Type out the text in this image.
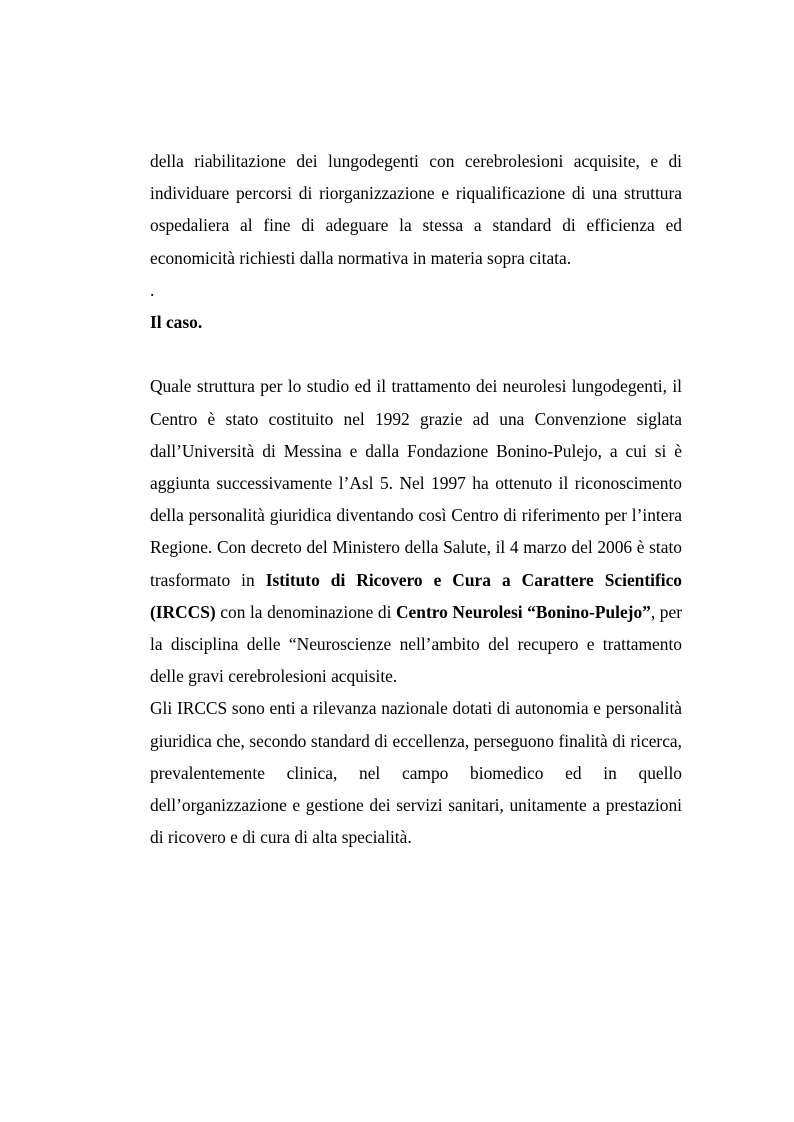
della riabilitazione dei lungodegenti con cerebrolesioni acquisite, e di individuare percorsi di riorganizzazione e riqualificazione di una struttura ospedaliera al fine di adeguare la stessa a standard di efficienza ed economicità richiesti dalla normativa in materia sopra citata.

.

Il caso.

Quale struttura per lo studio ed il trattamento dei neurolesi lungodegenti, il Centro è stato costituito nel 1992 grazie ad una Convenzione siglata dall’Università di Messina e dalla Fondazione Bonino-Pulejo, a cui si è aggiunta successivamente l’Asl 5. Nel 1997 ha ottenuto il riconoscimento della personalità giuridica diventando così Centro di riferimento per l’intera Regione. Con decreto del Ministero della Salute, il 4 marzo del 2006 è stato trasformato in Istituto di Ricovero e Cura a Carattere Scientifico (IRCCS) con la denominazione di Centro Neurolesi “Bonino-Pulejo”, per la disciplina delle “Neuroscienze nell’ambito del recupero e trattamento delle gravi cerebrolesioni acquisite.

Gli IRCCS sono enti a rilevanza nazionale dotati di autonomia e personalità giuridica che, secondo standard di eccellenza, perseguono finalità di ricerca, prevalentemente clinica, nel campo biomedico ed in quello dell’organizzazione e gestione dei servizi sanitari, unitamente a prestazioni di ricovero e di cura di alta specialità.
